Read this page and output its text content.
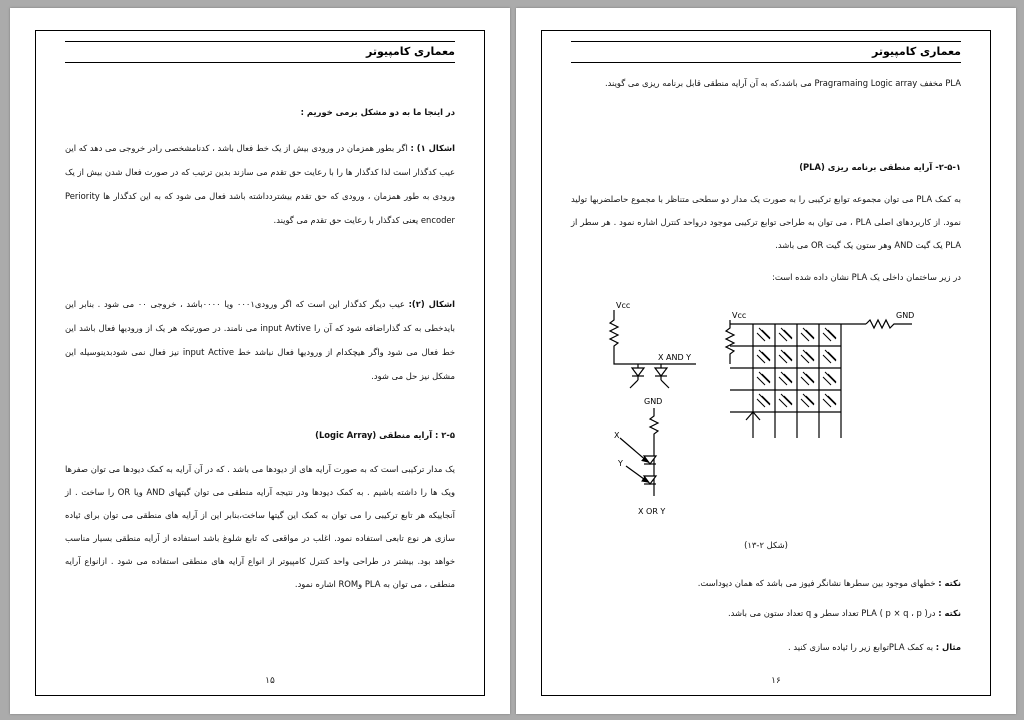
معماری کامپیوتر

در اینجا ما به دو مشکل برمی خوریم :

اشکال ۱) : اگر بطور همزمان در ورودی بیش از یک خط فعال باشد ، کدنامشخصی رادر خروجی می دهد که این عیب کدگذار است لذا کدگذار ها را با رعایت حق تقدم می سازند بدین ترتیب که در صورت فعال شدن بیش از یک ورودی به طور همزمان ، ورودی که حق تقدم بیشتردداشته باشد فعال می شود که به این کدگذار ها Periority encoder یعنی کدگذار با رعایت حق تقدم می گویند.

اشکال (۲): عیب دیگر کدگذار این است که اگر ورودی۰۰۰۱ ویا ۰۰۰۰باشد ، خروجی ۰۰ می شود . بنابر این بایدخطی به کد گذاراضافه شود که آن را input Avtive می نامند. در صورتیکه هر یک از ورودیها فعال باشد این خط فعال می شود واگر هیچکدام از ورودیها فعال نباشد خط input Active نیز فعال نمی شودبدینوسیله این مشکل نیز حل می شود.

۲-۵ : آرایه منطقی (Logic Array)

یک مدار ترکیبی است که به صورت آرایه های از دیودها می باشد . که در آن آرایه به کمک دیودها می توان صفرها ویک ها را داشته باشیم . به کمک دیودها ودر نتیجه آرایه منطقی می توان گیتهای AND ویا OR را ساخت . از آنجاییکه هر تابع ترکیبی را می توان به کمک این گیتها ساخت،بنابر این از آرایه های منطقی می توان برای ئیاده سازی هر نوع تابعی استفاده نمود. اغلب در مواقعی که تابع شلوغ باشد استفاده از آرایه منطقی بسیار مناسب خواهد بود. بیشتر در طراحی واحد کنترل کامپیوتر از انواع آرایه های منطقی استفاده می شود . ازانواع آرایه منطقی ، می توان به PLA وROM اشاره نمود.

۱۵
معماری کامپیوتر

PLA مخفف Pragramaing Logic array می باشد،که به آن آرایه منطقی قابل برنامه ریزی می گویند.

۲-۵-۱- آرایه منطقی برنامه ریزی (PLA)

به کمک PLA می توان مجموعه توابع ترکیبی را به صورت یک مدار دو سطحی متناظر با مجموع حاصلضربها تولید نمود. از کاربردهای اصلی PLA ، می توان به طراحی توابع ترکیبی موجود درواحد کنترل اشاره نمود . هر سطر از PLA یک گیت AND وهر ستون یک گیت OR می باشد.

در زیر ساختمان داخلی یک PLA نشان داده شده است:

Vcc
X AND Y
GND
X
Y
X OR Y
Vcc	GND

(شکل ۲-۱۳)

نکته : خطهای موجود بین سطرها نشانگر فیوز می باشد که همان دیوداست.

نکته : در( PLA ( p × q ، p تعداد سطر و q تعداد ستون می باشد.

مثال : به کمک PLAتوابع زیر را ئیاده سازی کنید .

۱۶
